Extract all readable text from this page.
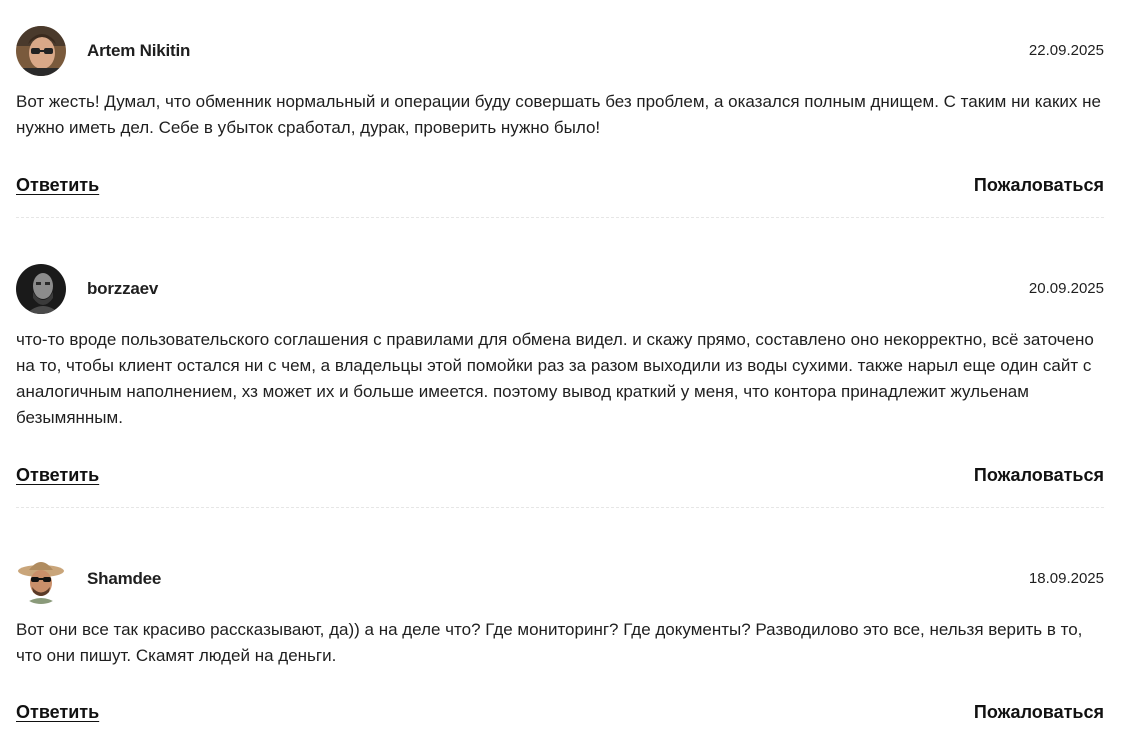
Artem Nikitin	22.09.2025
Вот жесть! Думал, что обменник нормальный и операции буду совершать без проблем, а оказался полным днищем. С таким ни каких не нужно иметь дел. Себе в убыток сработал, дурак, проверить нужно было!
Ответить	Пожаловаться
borzzaev	20.09.2025
что-то вроде пользовательского соглашения с правилами для обмена видел. и скажу прямо, составлено оно некорректно, всё заточено на то, чтобы клиент остался ни с чем, а владельцы этой помойки раз за разом выходили из воды сухими. также нарыл еще один сайт с аналогичным наполнением, хз может их и больше имеется. поэтому вывод краткий у меня, что контора принадлежит жульенам безымянным.
Ответить	Пожаловаться
Shamdee	18.09.2025
Вот они все так красиво рассказывают, да)) а на деле что? Где мониторинг? Где документы? Разводилово это все, нельзя верить в то, что они пишут. Скамят людей на деньги.
Ответить	Пожаловаться
